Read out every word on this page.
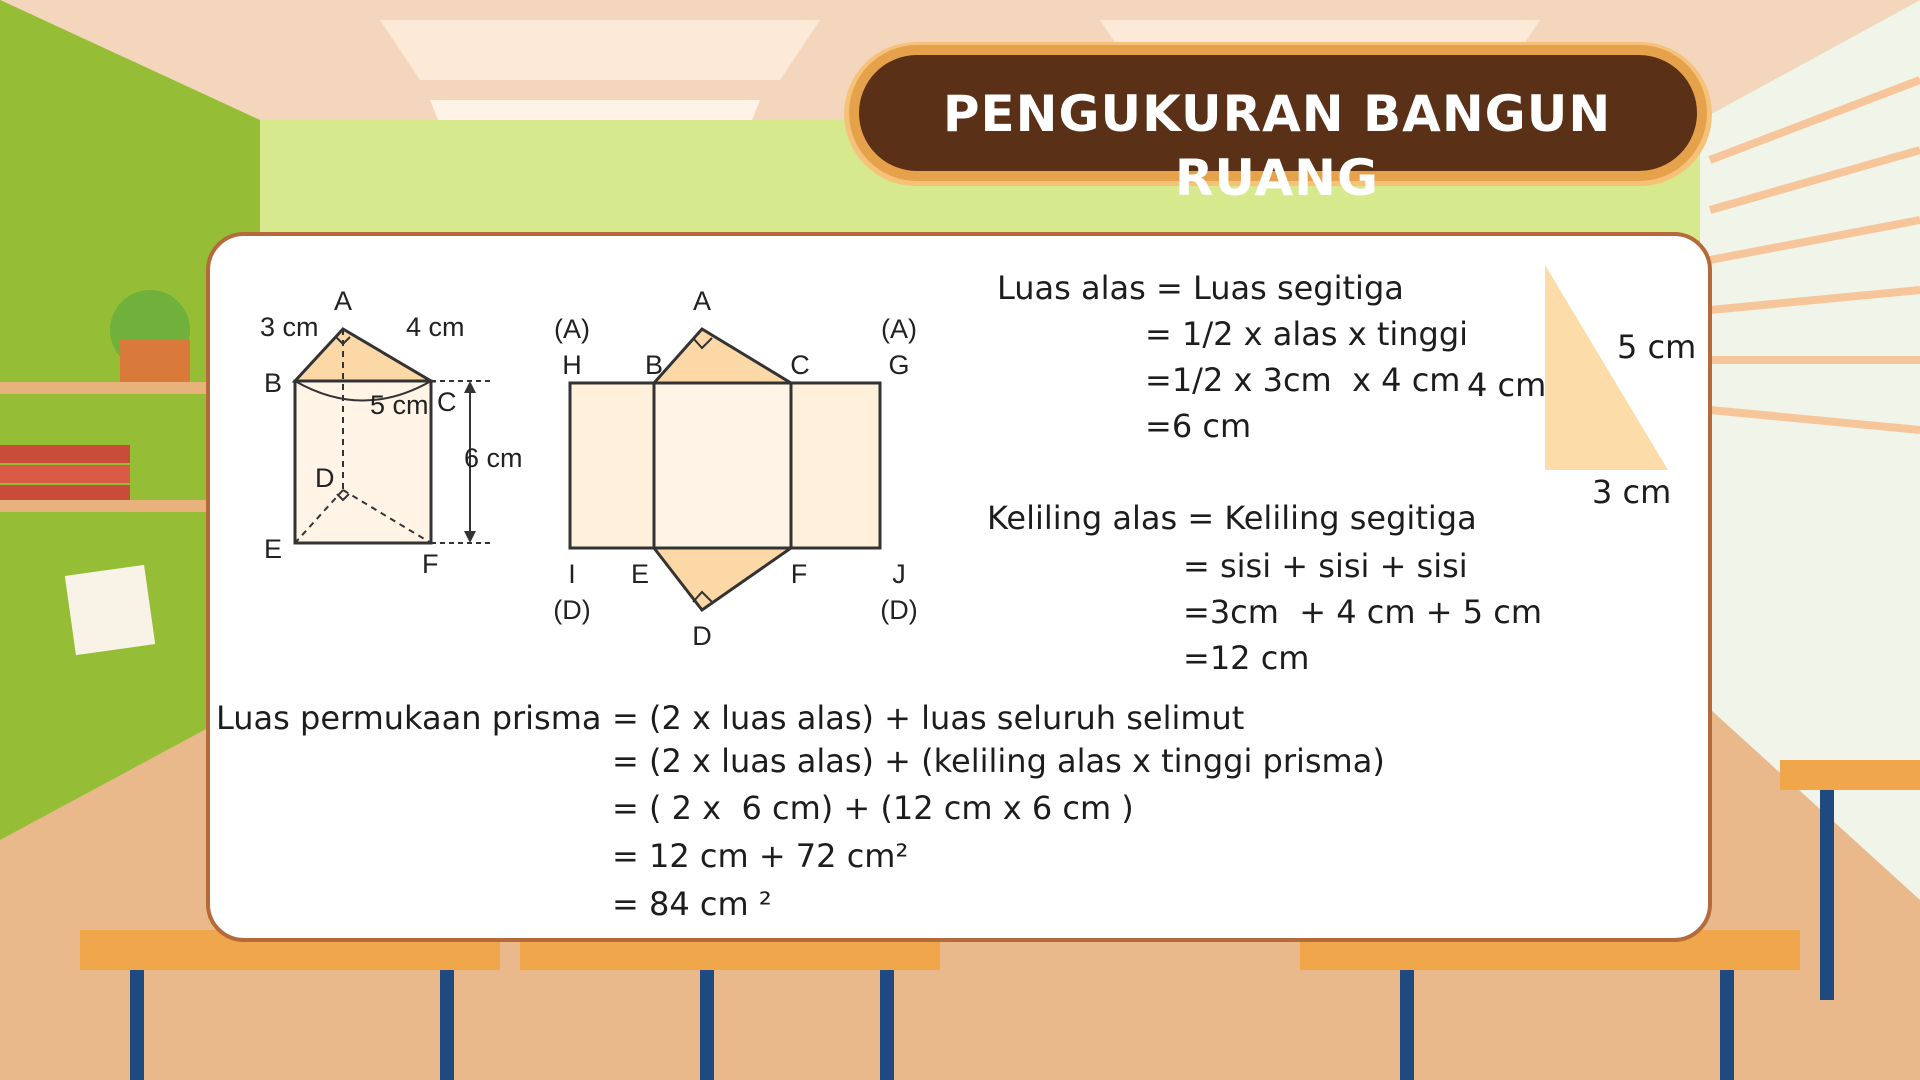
PENGUKURAN BANGUN RUANG
A
B
C
D
E	F
3 cm	4 cm
5 cm
6 cm
A
B	C
(A)
H
(A)
G
E	F
D
I
(D)
J
(D)
Luas alas = Luas segitiga
= 1/2 x alas x tinggi
=1/2 x 3cm  x 4 cm
=6 cm
5 cm
4 cm
3 cm
Keliling alas = Keliling segitiga
= sisi + sisi + sisi
=3cm  + 4 cm + 5 cm
=12 cm
Luas permukaan prisma = (2 x luas alas) + luas seluruh selimut
= (2 x luas alas) + (keliling alas x tinggi prisma)
= ( 2 x  6 cm) + (12 cm x 6 cm )
= 12 cm + 72 cm²
= 84 cm ²
